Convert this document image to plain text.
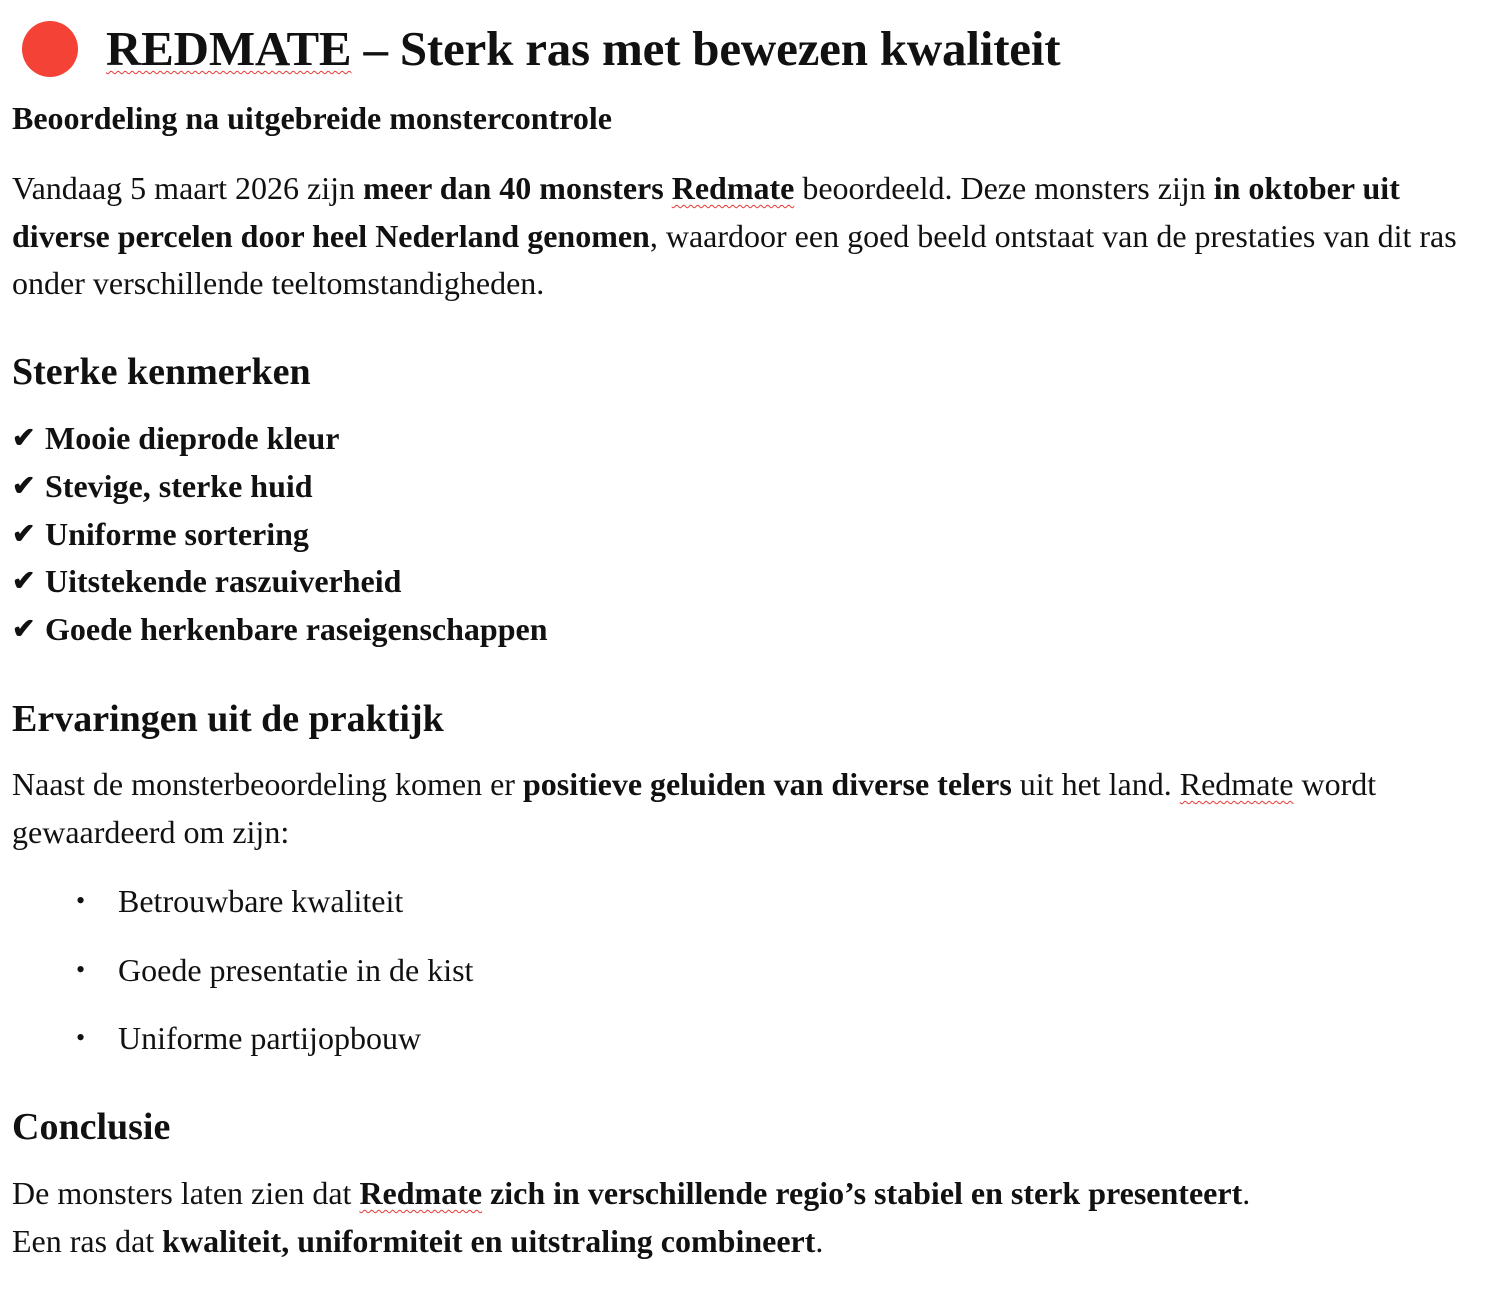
REDMATE – Sterk ras met bewezen kwaliteit
Beoordeling na uitgebreide monstercontrole
Vandaag 5 maart 2026 zijn meer dan 40 monsters Redmate beoordeeld. Deze monsters zijn in oktober uit diverse percelen door heel Nederland genomen, waardoor een goed beeld ontstaat van de prestaties van dit ras onder verschillende teeltomstandigheden.
Sterke kenmerken
✔ Mooie dieprode kleur
✔ Stevige, sterke huid
✔ Uniforme sortering
✔ Uitstekende raszuiverheid
✔ Goede herkenbare raseigenschappen
Ervaringen uit de praktijk
Naast de monsterbeoordeling komen er positieve geluiden van diverse telers uit het land. Redmate wordt gewaardeerd om zijn:
•	Betrouwbare kwaliteit
•	Goede presentatie in de kist
•	Uniforme partijopbouw
Conclusie
De monsters laten zien dat Redmate zich in verschillende regio’s stabiel en sterk presenteert.
Een ras dat kwaliteit, uniformiteit en uitstraling combineert.
